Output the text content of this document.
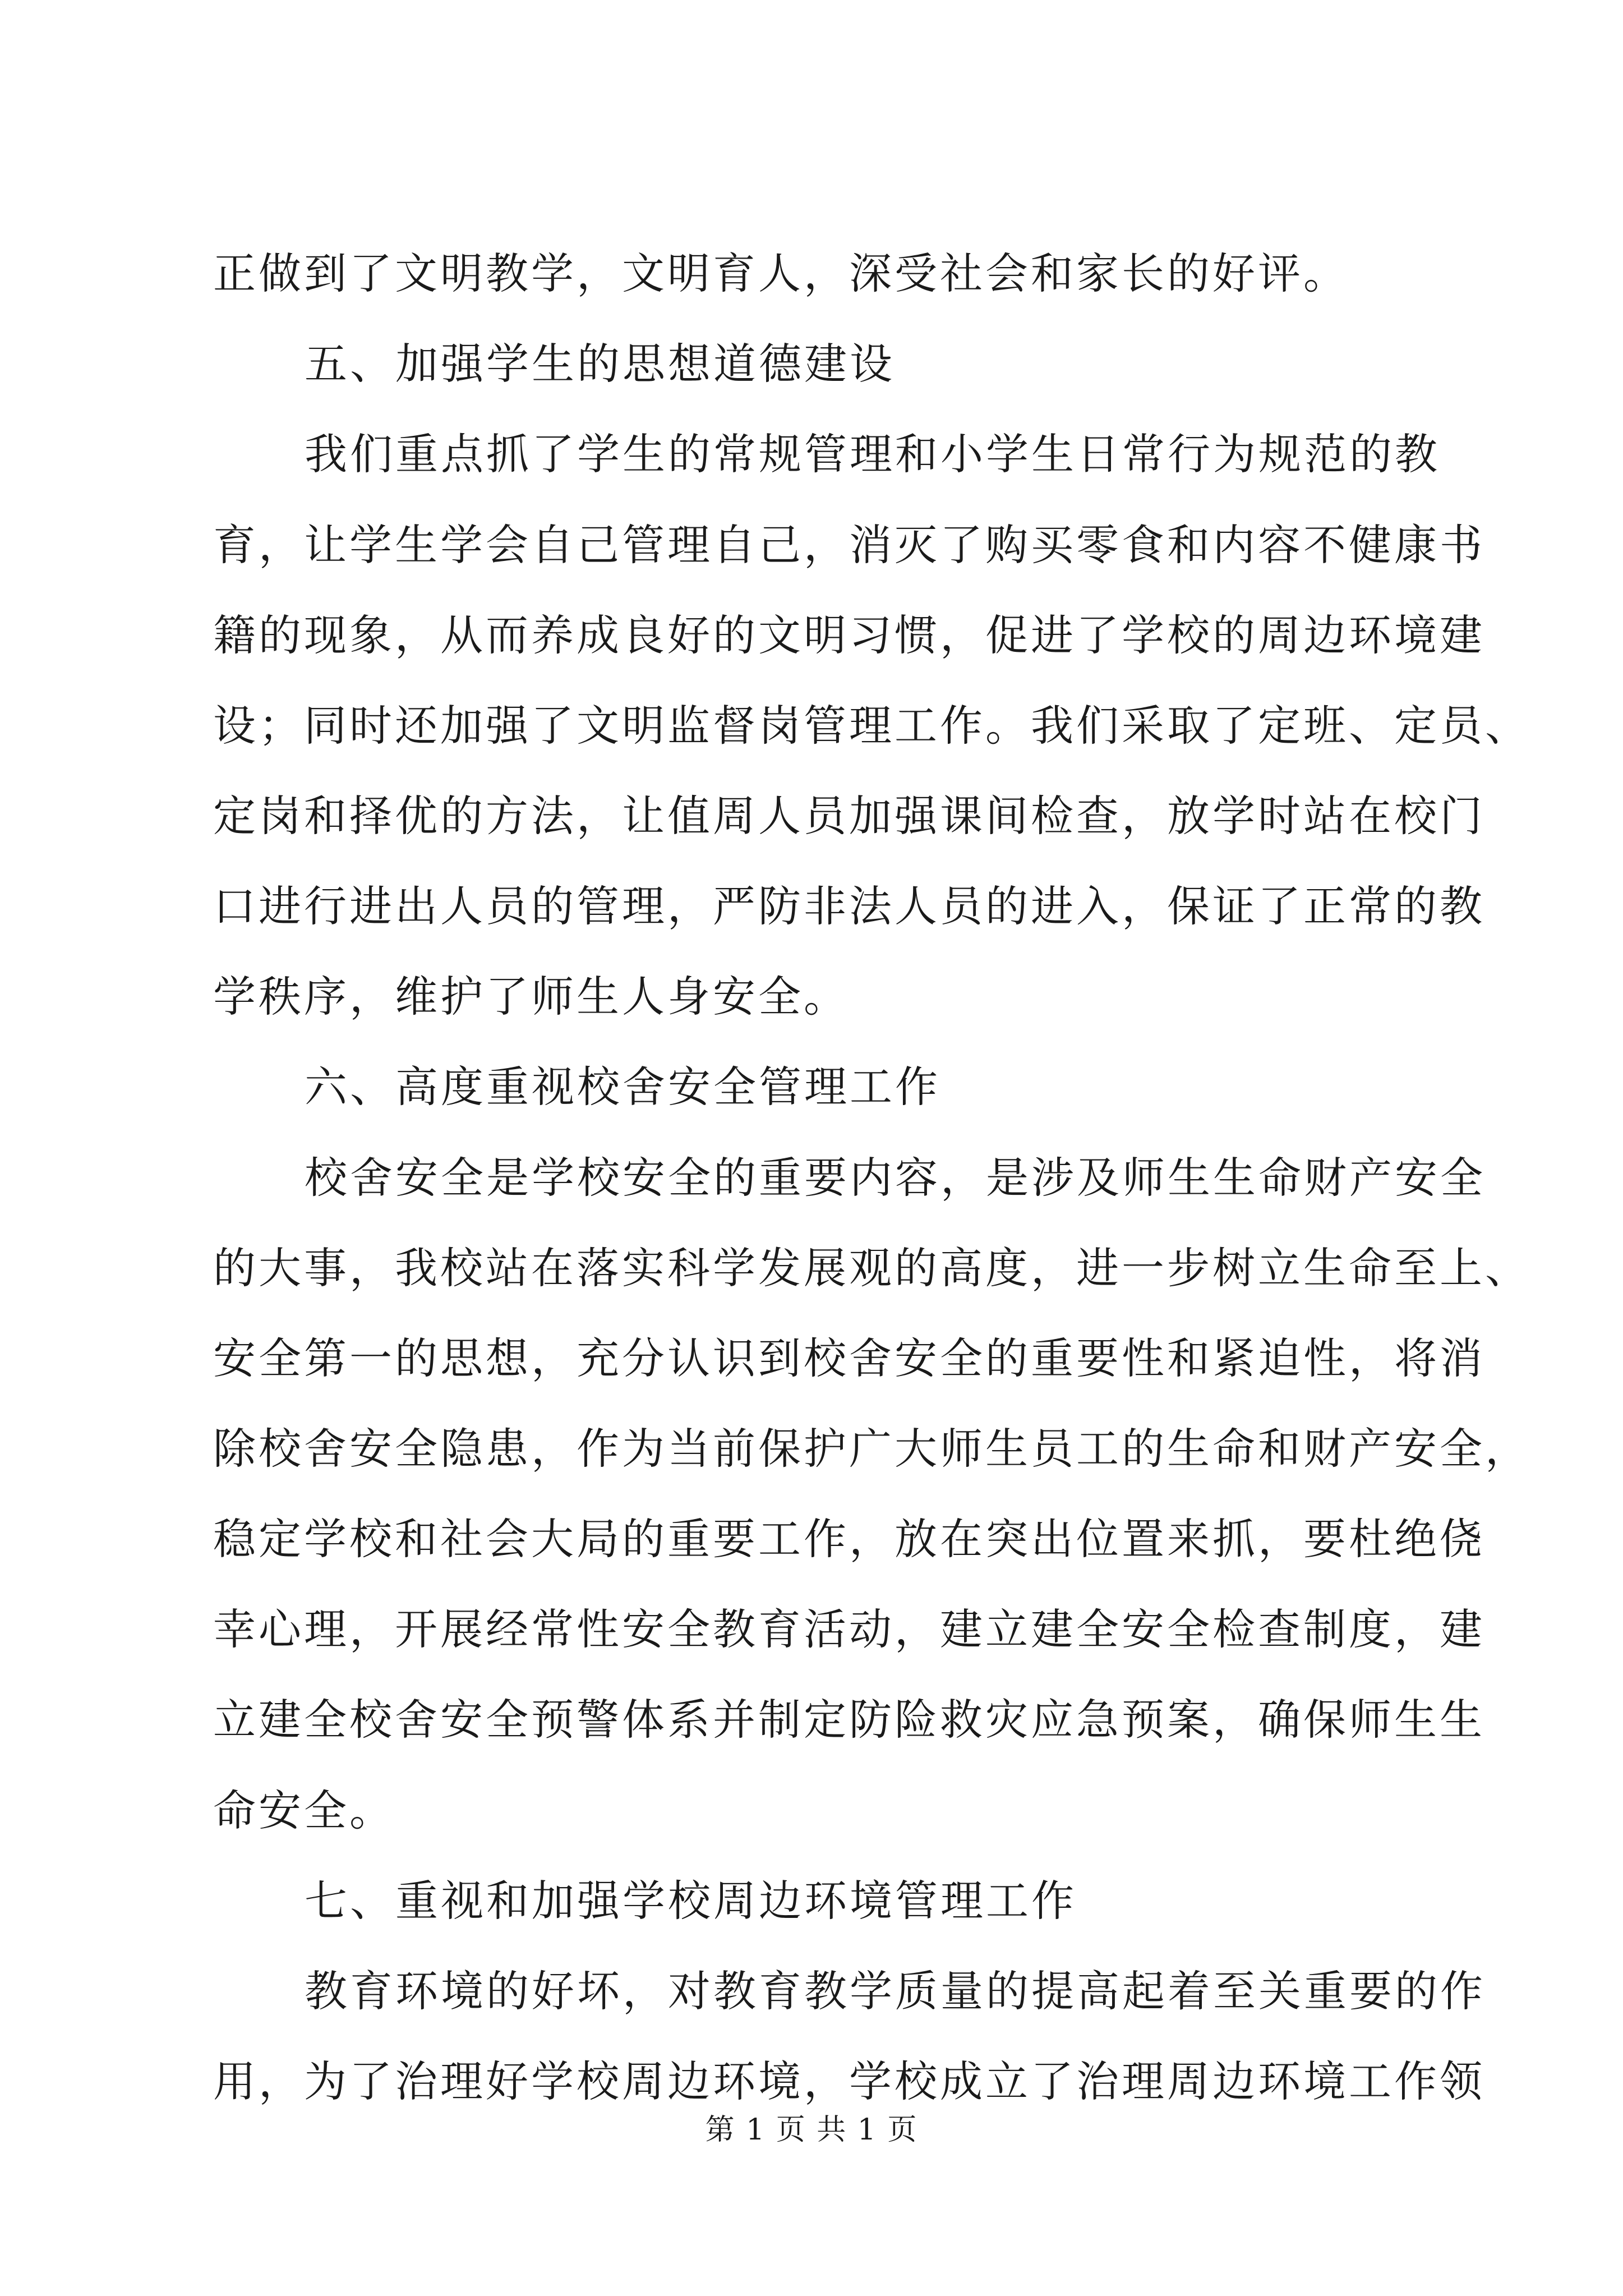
正做到了文明教学，文明育人，深受社会和家长的好评。
五、加强学生的思想道德建设
我们重点抓了学生的常规管理和小学生日常行为规范的教
育，让学生学会自己管理自己，消灭了购买零食和内容不健康书
籍的现象，从而养成良好的文明习惯，促进了学校的周边环境建
设；同时还加强了文明监督岗管理工作。我们采取了定班、定员、
定岗和择优的方法，让值周人员加强课间检查，放学时站在校门
口进行进出人员的管理，严防非法人员的进入，保证了正常的教
学秩序，维护了师生人身安全。
六、高度重视校舍安全管理工作
校舍安全是学校安全的重要内容，是涉及师生生命财产安全
的大事，我校站在落实科学发展观的高度，进一步树立生命至上、
安全第一的思想，充分认识到校舍安全的重要性和紧迫性，将消
除校舍安全隐患，作为当前保护广大师生员工的生命和财产安全，
稳定学校和社会大局的重要工作，放在突出位置来抓，要杜绝侥
幸心理，开展经常性安全教育活动，建立建全安全检查制度，建
立建全校舍安全预警体系并制定防险救灾应急预案，确保师生生
命安全。
七、重视和加强学校周边环境管理工作
教育环境的好坏，对教育教学质量的提高起着至关重要的作
用，为了治理好学校周边环境，学校成立了治理周边环境工作领
第 1 页 共 1 页
